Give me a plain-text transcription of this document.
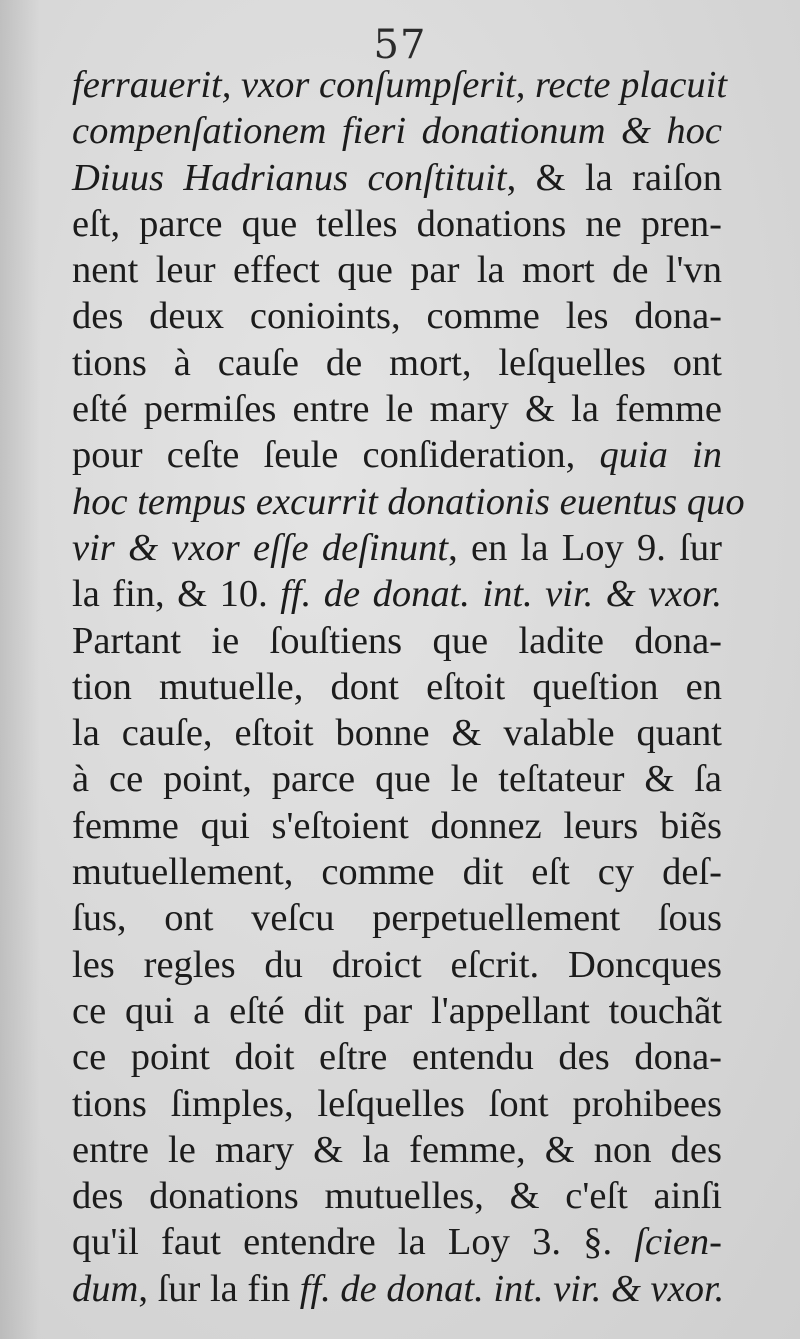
57
ferrauerit, vxor conſumpſerit, recte placuit
compenſationem fieri donationum & hoc
Diuus Hadrianus conſtituit, & la raiſon
eſt, parce que telles donations ne pren-
nent leur effect que par la mort de l'vn
des deux conioints, comme les dona-
tions à cauſe de mort, leſquelles ont
eſté permiſes entre le mary & la femme
pour ceſte ſeule conſideration, quia in
hoc tempus excurrit donationis euentus quo
vir & vxor eſſe deſinunt, en la Loy 9. ſur
la fin, & 10. ff. de donat. int. vir. & vxor.
Partant ie ſouſtiens que ladite dona-
tion mutuelle, dont eſtoit queſtion en
la cauſe, eſtoit bonne & valable quant
à ce point, parce que le teſtateur & ſa
femme qui s'eſtoient donnez leurs biẽs
mutuellement, comme dit eſt cy deſ-
ſus, ont veſcu perpetuellement ſous
les regles du droict eſcrit. Doncques
ce qui a eſté dit par l'appellant touchãt
ce point doit eſtre entendu des dona-
tions ſimples, leſquelles ſont prohibees
entre le mary & la femme, & non des
des donations mutuelles, & c'eſt ainſi
qu'il faut entendre la Loy 3. §. ſcien-
dum, ſur la fin ff. de donat. int. vir. & vxor.
